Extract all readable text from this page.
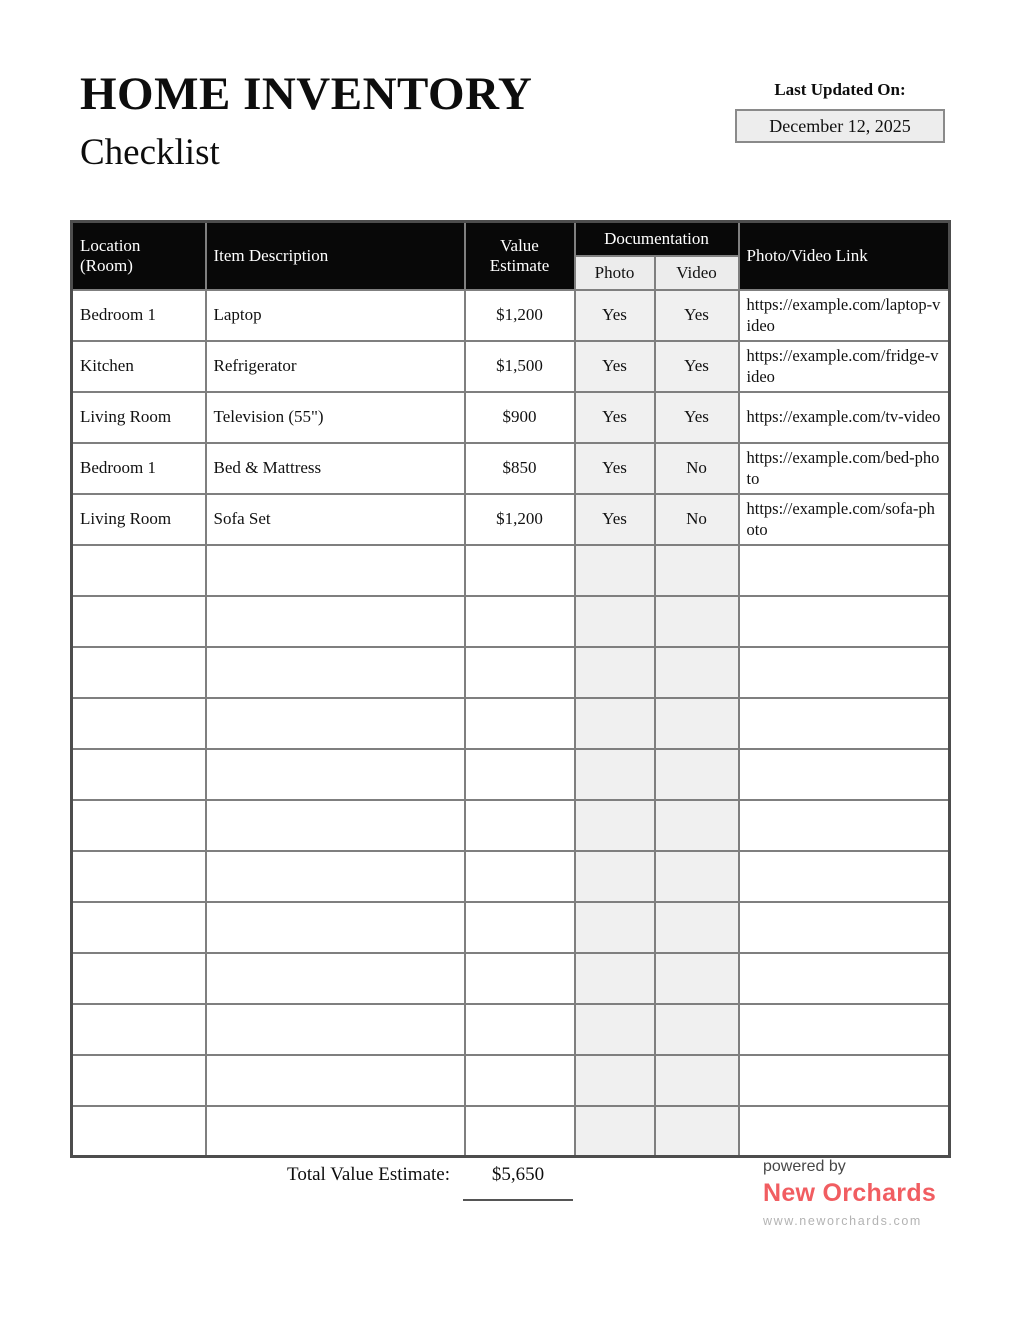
HOME INVENTORY
Checklist
Last Updated On:
December 12, 2025
Location (Room)	Item Description	Value Estimate	Documentation		Photo/Video Link
			Photo	Video	
Bedroom 1	Laptop	$1,200	Yes	Yes	https://example.com/laptop-video
Kitchen	Refrigerator	$1,500	Yes	Yes	https://example.com/fridge-video
Living Room	Television (55")	$900	Yes	Yes	https://example.com/tv-video
Bedroom 1	Bed & Mattress	$850	Yes	No	https://example.com/bed-photo
Living Room	Sofa Set	$1,200	Yes	No	https://example.com/sofa-photo

Total Value Estimate:	$5,650	powered by
New Orchards
www.neworchards.com
